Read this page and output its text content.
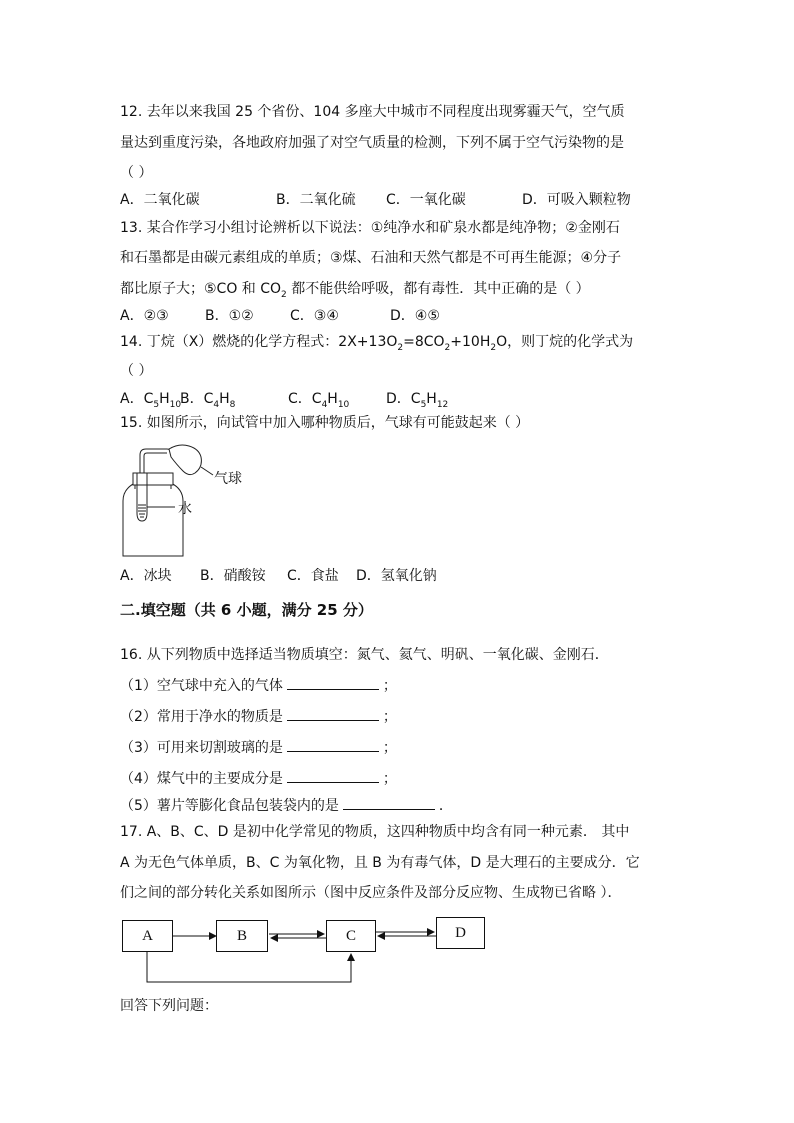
12. 去年以来我国 25 个省份、104 多座大中城市不同程度出现雾霾天气，空气质
量达到重度污染，各地政府加强了对空气质量的检测，下列不属于空气污染物的是
（ ）
A．二氧化碳	B．二氧化硫 C．一氧化碳	D．可吸入颗粒物
13. 某合作学习小组讨论辨析以下说法：①纯净水和矿泉水都是纯净物；②金刚石
和石墨都是由碳元素组成的单质；③煤、石油和天然气都是不可再生能源；④分子
都比原子大；⑤CO 和 $CO_2$ 都不能供给呼吸，都有毒性．其中正确的是（ ）
A．②③	B．①②	C．③④	D．④⑤
14. 丁烷（X）燃烧的化学方程式：$2X+13O_2=8CO_2+10H_2O$，则丁烷的化学式为
（ ）
A．$C_5H_{10}$
B．$C_4H_8$	C．$C_4H_{10}$	D．$C_5H_{12}$
15. 如图所示，向试管中加入哪种物质后，气球有可能鼓起来（ ）
气球
水
A．冰块 B．硝酸铵 C．食盐 D．氢氧化钠
二.填空题（共 6 小题，满分 25 分）
16. 从下列物质中选择适当物质填空：氮气、氦气、明矾、一氧化碳、金刚石．
（1）空气球中充入的气体	；
（2）常用于净水的物质是	；
（3）可用来切割玻璃的是	；
（4）煤气中的主要成分是	；
（5）薯片等膨化食品包装袋内的是	．
17. A、B、C、D 是初中化学常见的物质，这四种物质中均含有同一种元素． 其中
A 为无色气体单质，B、C 为氧化物，且 B 为有毒气体，D 是大理石的主要成分．它
们之间的部分转化关系如图所示（图中反应条件及部分反应物、生成物已省略 ）．
A	B	C	D
回答下列问题：
